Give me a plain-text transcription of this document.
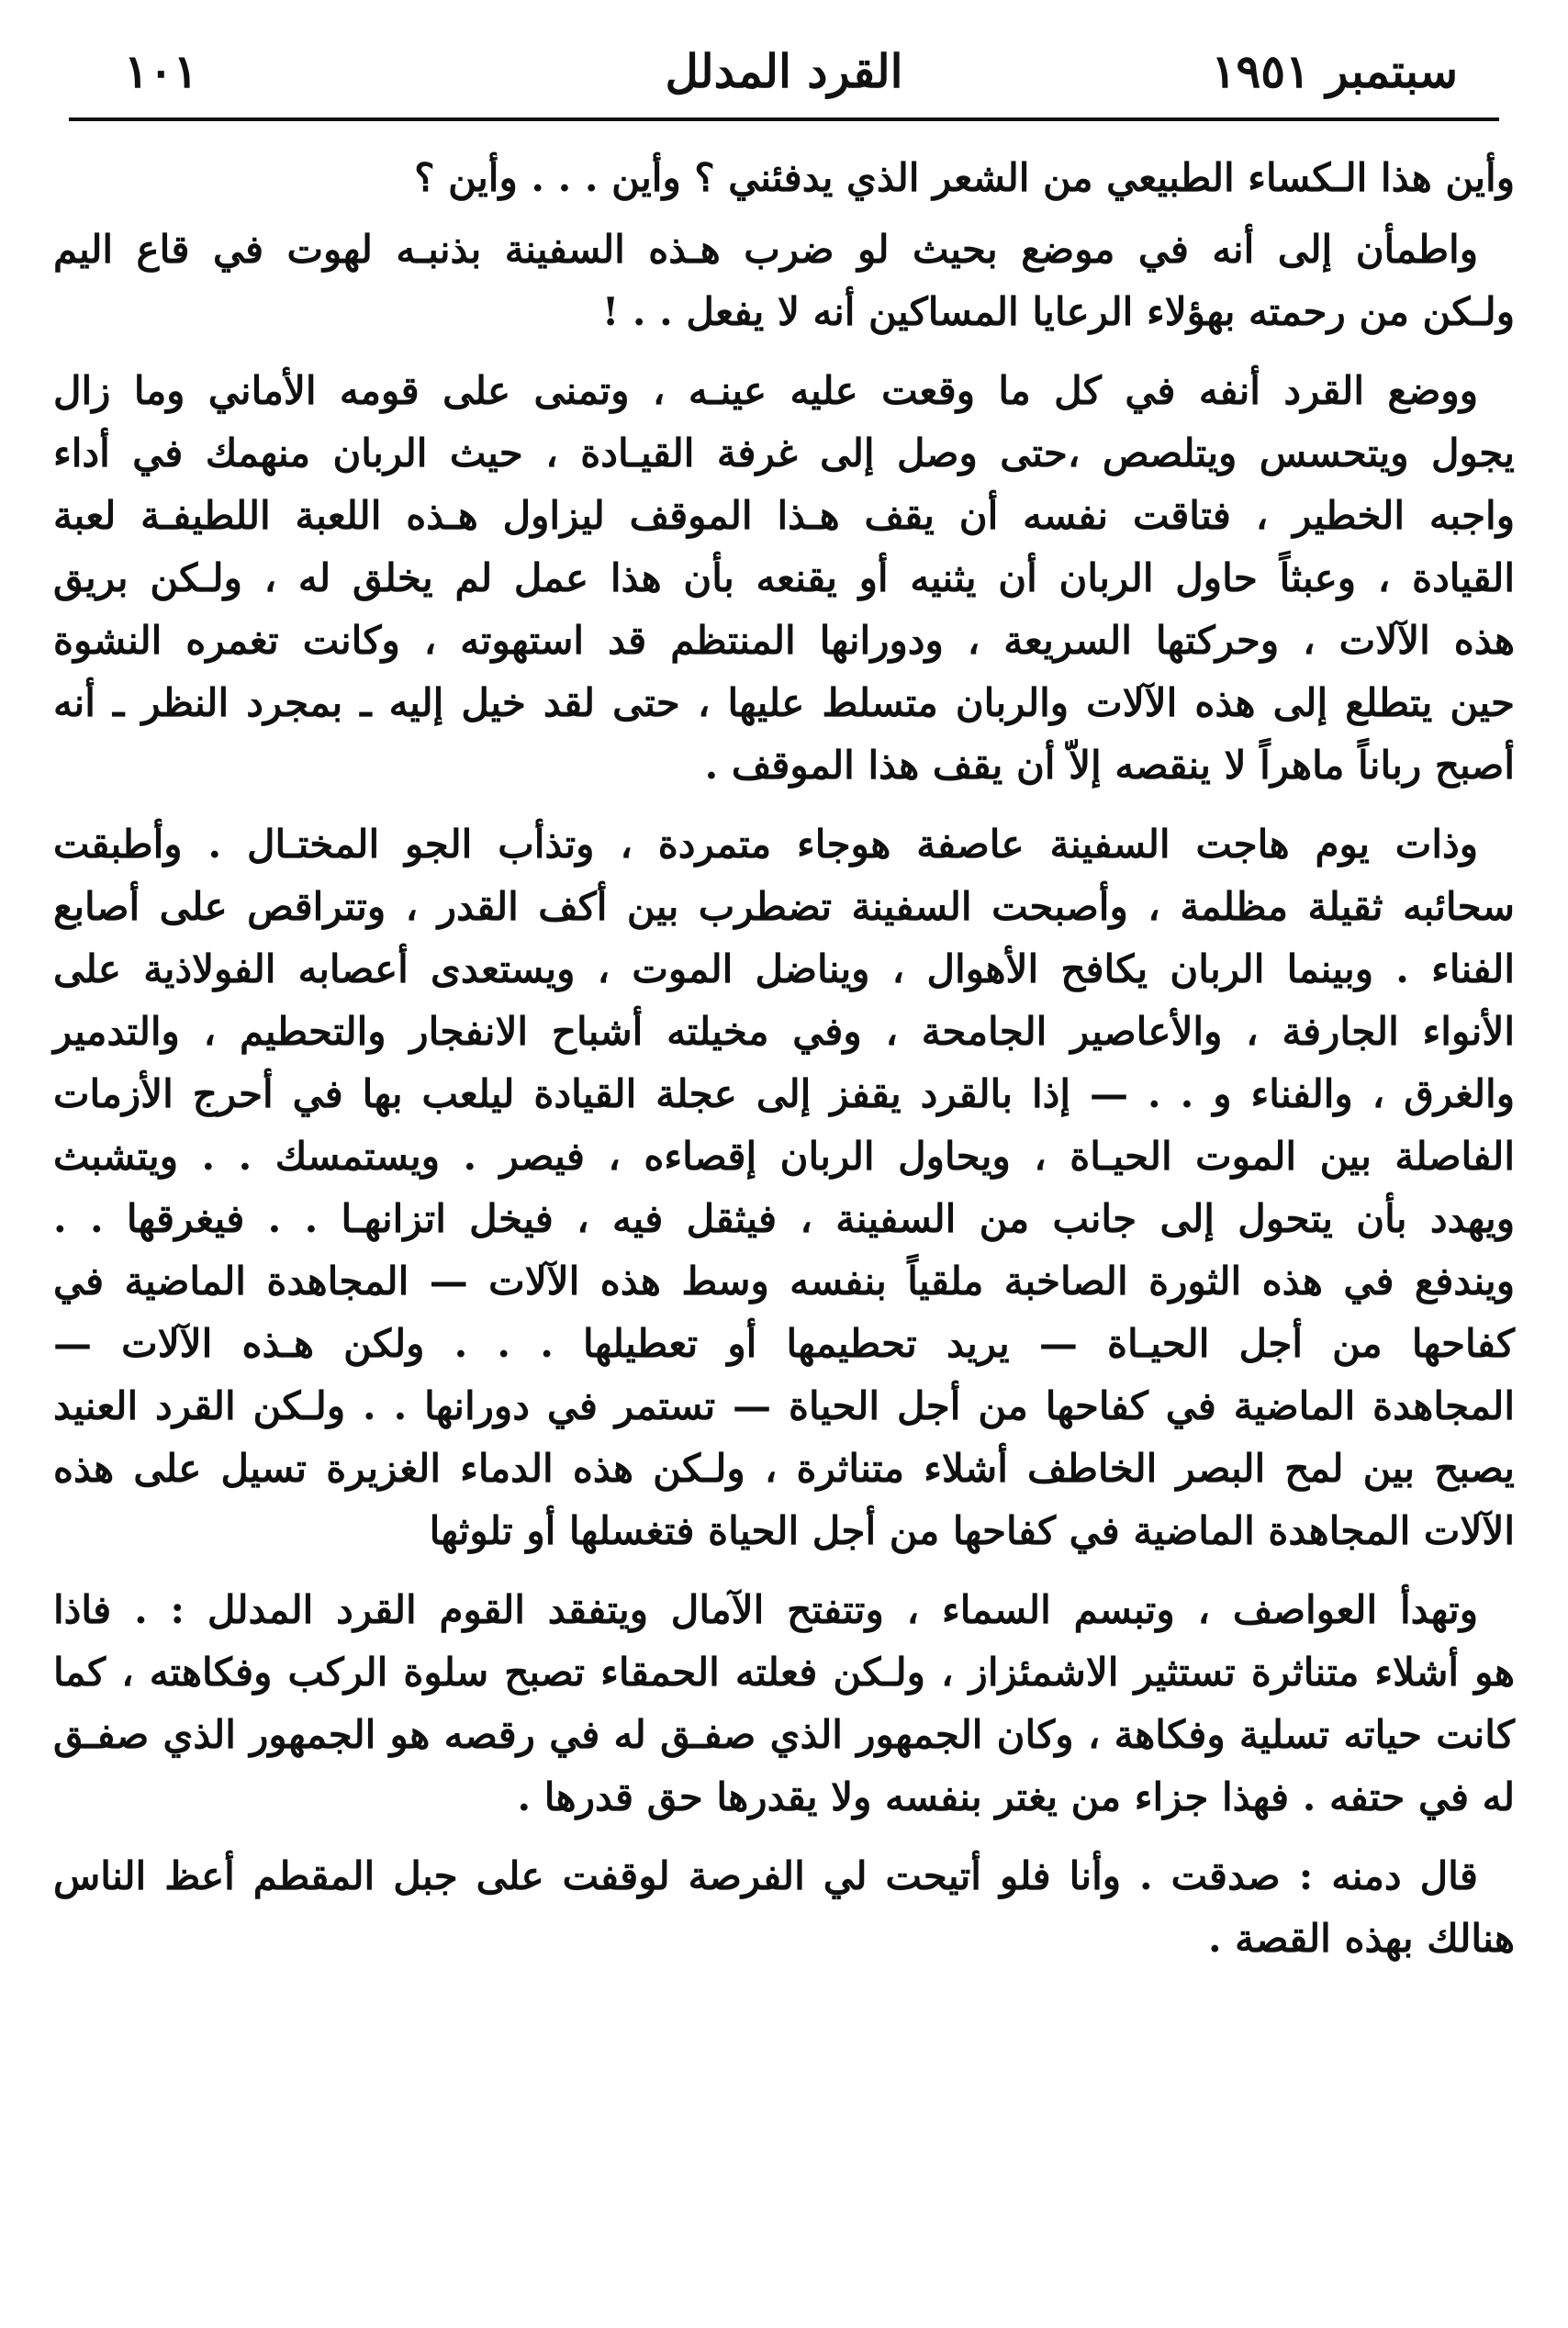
سبتمبر ١٩٥١
القرد المدلل
١٠١

وأين هذا الـكساء الطبيعي من الشعر الذي يدفئني ؟ وأين . . . وأين ؟

واطمأن إلى أنه في موضع بحيث لو ضرب هـذه السفينة بذنبـه لهوت في قاع اليم
ولـكن من رحمته بهؤلاء الرعايا المساكين أنه لا يفعل . . !

ووضع القرد أنفه في كل ما وقعت عليه عينـه ، وتمنى على قومه الأماني وما زال
يجول ويتحسس ويتلصص ،حتى وصل إلى غرفة القيـادة ، حيث الربان منهمك في أداء
واجبه الخطير ، فتاقت نفسه أن يقف هـذا الموقف ليزاول هـذه اللعبة اللطيفـة لعبة
القيادة ، وعبثاً حاول الربان أن يثنيه أو يقنعه بأن هذا عمل لم يخلق له ، ولـكن بريق
هذه الآلات ، وحركتها السريعة ، ودورانها المنتظم قد استهوته ، وكانت تغمره النشوة
حين يتطلع إلى هذه الآلات والربان متسلط عليها ، حتى لقد خيل إليه ـ بمجرد النظر ـ أنه
أصبح رباناً ماهراً لا ينقصه إلاّ أن يقف هذا الموقف .

وذات يوم هاجت السفينة عاصفة هوجاء متمردة ، وتذأب الجو المختـال . وأطبقت
سحائبه ثقيلة مظلمة ، وأصبحت السفينة تضطرب بين أكف القدر ، وتتراقص على أصابع
الفناء . وبينما الربان يكافح الأهوال ، ويناضل الموت ، ويستعدى أعصابه الفولاذية على
الأنواء الجارفة ، والأعاصير الجامحة ، وفي مخيلته أشباح الانفجار والتحطيم ، والتدمير
والغرق ، والفناء و . . — إذا بالقرد يقفز إلى عجلة القيادة ليلعب بها في أحرج الأزمات
الفاصلة بين الموت الحيـاة ، ويحاول الربان إقصاءه ، فيصر . ويستمسك . . ويتشبث
ويهدد بأن يتحول إلى جانب من السفينة ، فيثقل فيه ، فيخل اتزانهـا . . فيغرقها . .
ويندفع في هذه الثورة الصاخبة ملقياً بنفسه وسط هذه الآلات — المجاهدة الماضية في
كفاحها من أجل الحيـاة — يريد تحطيمها أو تعطيلها . . . ولكن هـذه الآلات —
المجاهدة الماضية في كفاحها من أجل الحياة — تستمر في دورانها . . ولـكن القرد العنيد
يصبح بين لمح البصر الخاطف أشلاء متناثرة ، ولـكن هذه الدماء الغزيرة تسيل على هذه
الآلات المجاهدة الماضية في كفاحها من أجل الحياة فتغسلها أو تلوثها

وتهدأ العواصف ، وتبسم السماء ، وتتفتح الآمال ويتفقد القوم القرد المدلل : . فاذا
هو أشلاء متناثرة تستثير الاشمئزاز ، ولـكن فعلته الحمقاء تصبح سلوة الركب وفكاهته ، كما
كانت حياته تسلية وفكاهة ، وكان الجمهور الذي صفـق له في رقصه هو الجمهور الذي صفـق
له في حتفه . فهذا جزاء من يغتر بنفسه ولا يقدرها حق قدرها .

قال دمنه : صدقت . وأنا فلو أتيحت لي الفرصة لوقفت على جبل المقطم أعظ الناس
هنالك بهذه القصة .
